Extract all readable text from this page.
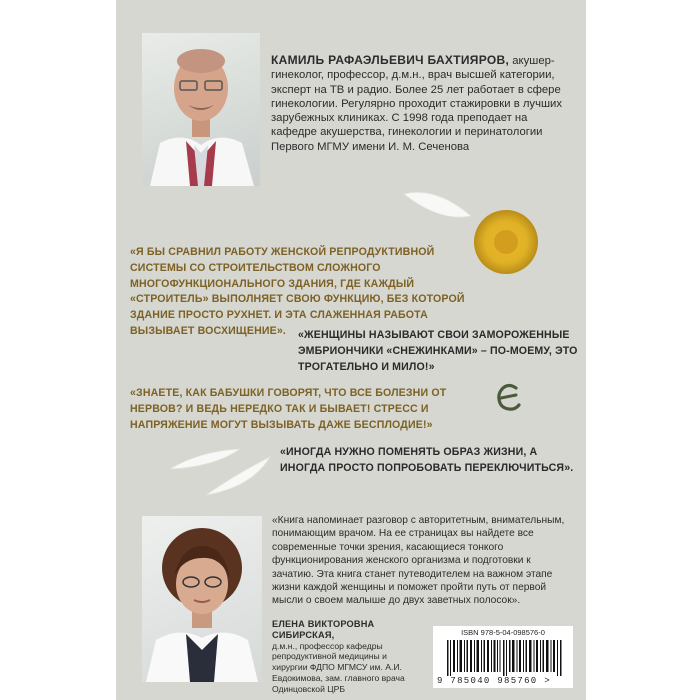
КАМИЛЬ РАФАЭЛЬЕВИЧ БАХТИЯРОВ, акушер-гинеколог, профессор, д.м.н., врач высшей категории, эксперт на ТВ и радио. Более 25 лет работает в сфере гинекологии. Регулярно проходит стажировки в лучших зарубежных клиниках. С 1998 года преподает на кафедре акушерства, гинекологии и перинатологии Первого МГМУ имени И. М. Сеченова
«Я БЫ СРАВНИЛ РАБОТУ ЖЕНСКОЙ РЕПРОДУКТИВНОЙ СИСТЕМЫ СО СТРОИТЕЛЬСТВОМ СЛОЖНОГО МНОГОФУНКЦИОНАЛЬНОГО ЗДАНИЯ, ГДЕ КАЖДЫЙ «СТРОИТЕЛЬ» ВЫПОЛНЯЕТ СВОЮ ФУНКЦИЮ, БЕЗ КОТОРОЙ ЗДАНИЕ ПРОСТО РУХНЕТ. И ЭТА СЛАЖЕННАЯ РАБОТА ВЫЗЫВАЕТ ВОСХИЩЕНИЕ».	«ЖЕНЩИНЫ НАЗЫВАЮТ СВОИ ЗАМОРОЖЕННЫЕ ЭМБРИОНЧИКИ «СНЕЖИНКАМИ» – ПО-МОЕМУ, ЭТО ТРОГАТЕЛЬНО И МИЛО!»
«ЗНАЕТЕ, КАК БАБУШКИ ГОВОРЯТ, ЧТО ВСЕ БОЛЕЗНИ ОТ НЕРВОВ? И ВЕДЬ НЕРЕДКО ТАК И БЫВАЕТ! СТРЕСС И НАПРЯЖЕНИЕ МОГУТ ВЫЗЫВАТЬ ДАЖЕ БЕСПЛОДИЕ!»
«ИНОГДА НУЖНО ПОМЕНЯТЬ ОБРАЗ ЖИЗНИ, А ИНОГДА ПРОСТО ПОПРОБОВАТЬ ПЕРЕКЛЮЧИТЬСЯ».
«Книга напоминает разговор с авторитетным, внимательным, понимающим врачом. На ее страницах вы найдете все современные точки зрения, касающиеся тонкого функционирования женского организма и подготовки к зачатию. Эта книга станет путеводителем на важном этапе жизни каждой женщины и поможет пройти путь от первой мысли о своем малыше до двух заветных полосок».
ЕЛЕНА ВИКТОРОВНА СИБИРСКАЯ,
д.м.н., профессор кафедры репродуктивной медицины и хирургии ФДПО МГМСУ им. А.И. Евдокимова, зам. главного врача Одинцовской ЦРБ
ISBN 978-5-04-098576-0
9 785040 985760 >
